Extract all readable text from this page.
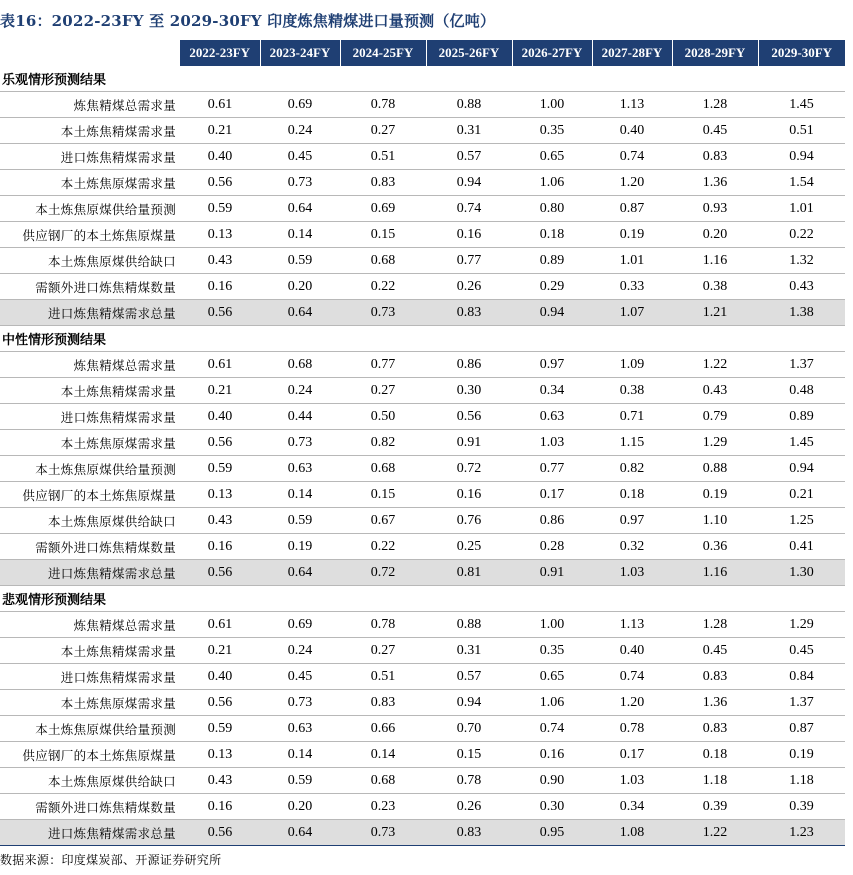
表16：2022-23FY 至 2029-30FY 印度炼焦精煤进口量预测（亿吨）
	2022-23FY	2023-24FY	2024-25FY	2025-26FY	2026-27FY	2027-28FY	2028-29FY	2029-30FY
乐观情形预测结果								
炼焦精煤总需求量	0.61	0.69	0.78	0.88	1.00	1.13	1.28	1.45
本土炼焦精煤需求量	0.21	0.24	0.27	0.31	0.35	0.40	0.45	0.51
进口炼焦精煤需求量	0.40	0.45	0.51	0.57	0.65	0.74	0.83	0.94
本土炼焦原煤需求量	0.56	0.73	0.83	0.94	1.06	1.20	1.36	1.54
本土炼焦原煤供给量预测	0.59	0.64	0.69	0.74	0.80	0.87	0.93	1.01
供应钢厂的本土炼焦原煤量	0.13	0.14	0.15	0.16	0.18	0.19	0.20	0.22
本土炼焦原煤供给缺口	0.43	0.59	0.68	0.77	0.89	1.01	1.16	1.32
需额外进口炼焦精煤数量	0.16	0.20	0.22	0.26	0.29	0.33	0.38	0.43
进口炼焦精煤需求总量	0.56	0.64	0.73	0.83	0.94	1.07	1.21	1.38
中性情形预测结果								
炼焦精煤总需求量	0.61	0.68	0.77	0.86	0.97	1.09	1.22	1.37
本土炼焦精煤需求量	0.21	0.24	0.27	0.30	0.34	0.38	0.43	0.48
进口炼焦精煤需求量	0.40	0.44	0.50	0.56	0.63	0.71	0.79	0.89
本土炼焦原煤需求量	0.56	0.73	0.82	0.91	1.03	1.15	1.29	1.45
本土炼焦原煤供给量预测	0.59	0.63	0.68	0.72	0.77	0.82	0.88	0.94
供应钢厂的本土炼焦原煤量	0.13	0.14	0.15	0.16	0.17	0.18	0.19	0.21
本土炼焦原煤供给缺口	0.43	0.59	0.67	0.76	0.86	0.97	1.10	1.25
需额外进口炼焦精煤数量	0.16	0.19	0.22	0.25	0.28	0.32	0.36	0.41
进口炼焦精煤需求总量	0.56	0.64	0.72	0.81	0.91	1.03	1.16	1.30
悲观情形预测结果								
炼焦精煤总需求量	0.61	0.69	0.78	0.88	1.00	1.13	1.28	1.29
本土炼焦精煤需求量	0.21	0.24	0.27	0.31	0.35	0.40	0.45	0.45
进口炼焦精煤需求量	0.40	0.45	0.51	0.57	0.65	0.74	0.83	0.84
本土炼焦原煤需求量	0.56	0.73	0.83	0.94	1.06	1.20	1.36	1.37
本土炼焦原煤供给量预测	0.59	0.63	0.66	0.70	0.74	0.78	0.83	0.87
供应钢厂的本土炼焦原煤量	0.13	0.14	0.14	0.15	0.16	0.17	0.18	0.19
本土炼焦原煤供给缺口	0.43	0.59	0.68	0.78	0.90	1.03	1.18	1.18
需额外进口炼焦精煤数量	0.16	0.20	0.23	0.26	0.30	0.34	0.39	0.39
进口炼焦精煤需求总量	0.56	0.64	0.73	0.83	0.95	1.08	1.22	1.23
数据来源：印度煤炭部、开源证券研究所
